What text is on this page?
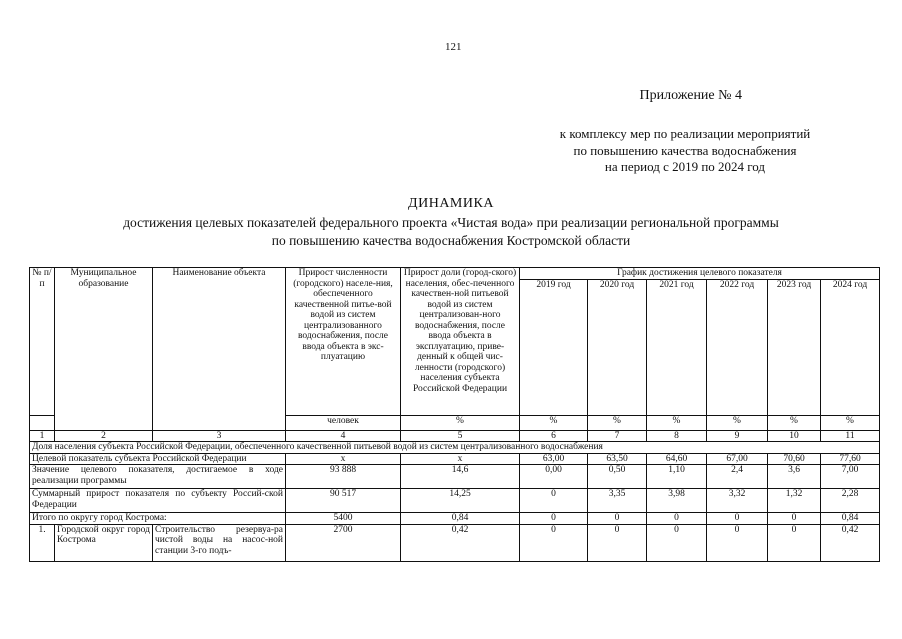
121
Приложение № 4
к комплексу мер по реализации мероприятий
по повышению качества водоснабжения
на период с 2019 по 2024 год
ДИНАМИКА
достижения целевых показателей федерального проекта «Чистая вода» при реализации региональной программы
по повышению качества водоснабжения Костромской области
№ п/п	Муниципальное образование	Наименование объекта	Прирост численности (городского) населе-ния, обеспеченного качественной питье-вой водой из систем централизованного водоснабжения, после ввода объекта в экс-плуатацию	Прирост доли (город-ского) населения, обес-печенного качествен-ной питьевой водой из систем централизован-ного водоснабжения, после ввода объекта в эксплуатацию, приве-денный к общей чис-ленности (городского) населения субъекта Российской Федерации	График достижения целевого показателя					
					2019 год	2020 год	2021 год	2022 год	2023 год	2024 год
			человек	%	%	%	%	%	%	%
1	2	3	4	5	6	7	8	9	10	11
Доля населения субъекта Российской Федерации, обеспеченного качественной питьевой водой из систем централизованного водоснабжения										
Целевой показатель субъекта Российской Федерации			x	x	63,00	63,50	64,60	67,00	70,60	77,60
Значение целевого показателя, достигаемое в ходе реализации программы			93 888	14,6	0,00	0,50	1,10	2,4	3,6	7,00
Суммарный прирост показателя по субъекту Россий-ской Федерации			90 517	14,25	0	3,35	3,98	3,32	1,32	2,28
Итого по округу город Кострома:			5400	0,84	0	0	0	0	0	0,84
1.	Городской округ город Кострома	Строительство резервуа-ра чистой воды на насос-ной станции 3-го подъ-	2700	0,42	0	0	0	0	0	0,42
